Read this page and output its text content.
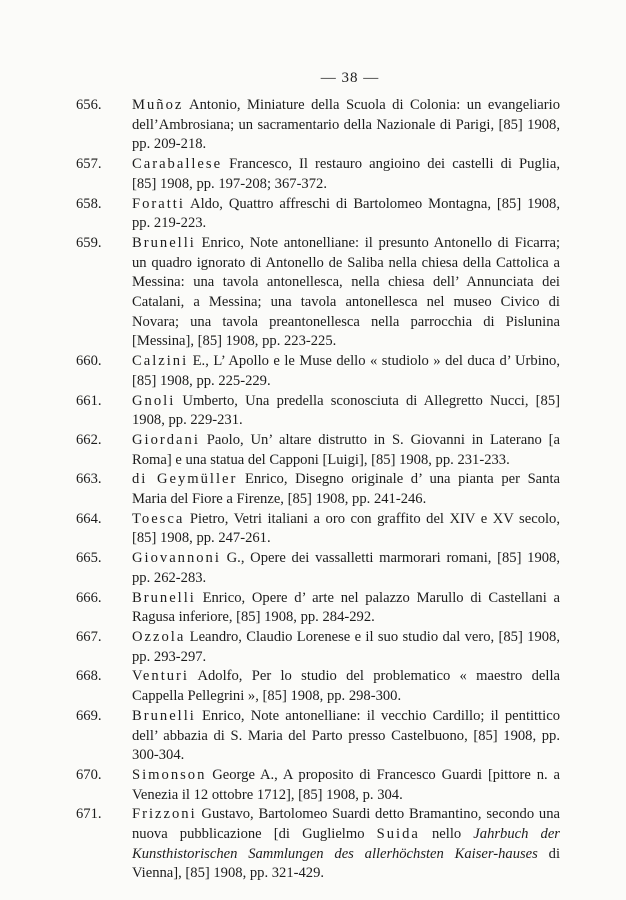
— 38 —
656. Muñoz Antonio, Miniature della Scuola di Colonia: un evangeliario dell’Ambrosiana; un sacramentario della Nazionale di Parigi, [85] 1908, pp. 209-218.
657. Caraballese Francesco, Il restauro angioino dei castelli di Puglia, [85] 1908, pp. 197-208; 367-372.
658. Foratti Aldo, Quattro affreschi di Bartolomeo Montagna, [85] 1908, pp. 219-223.
659. Brunelli Enrico, Note antonelliane: il presunto Antonello di Ficarra; un quadro ignorato di Antonello de Saliba nella chiesa della Cattolica a Messina: una tavola antonellesca, nella chiesa dell’ Annunciata dei Catalani, a Messina; una tavola antonellesca nel museo Civico di Novara; una tavola preantonellesca nella parrocchia di Pislunina [Messina], [85] 1908, pp. 223-225.
660. Calzini E., L’ Apollo e le Muse dello « studiolo » del duca d’ Urbino, [85] 1908, pp. 225-229.
661. Gnoli Umberto, Una predella sconosciuta di Allegretto Nucci, [85] 1908, pp. 229-231.
662. Giordani Paolo, Un’ altare distrutto in S. Giovanni in Laterano [a Roma] e una statua del Capponi [Luigi], [85] 1908, pp. 231-233.
663. di Geymüller Enrico, Disegno originale d’ una pianta per Santa Maria del Fiore a Firenze, [85] 1908, pp. 241-246.
664. Toesca Pietro, Vetri italiani a oro con graffito del XIV e XV secolo, [85] 1908, pp. 247-261.
665. Giovannoni G., Opere dei vassalletti marmorari romani, [85] 1908, pp. 262-283.
666. Brunelli Enrico, Opere d’ arte nel palazzo Marullo di Castellani a Ragusa inferiore, [85] 1908, pp. 284-292.
667. Ozzola Leandro, Claudio Lorenese e il suo studio dal vero, [85] 1908, pp. 293-297.
668. Venturi Adolfo, Per lo studio del problematico « maestro della Cappella Pellegrini », [85] 1908, pp. 298-300.
669. Brunelli Enrico, Note antonelliane: il vecchio Cardillo; il pentittico dell’ abbazia di S. Maria del Parto presso Castelbuono, [85] 1908, pp. 300-304.
670. Simonson George A., A proposito di Francesco Guardi [pittore n. a Venezia il 12 ottobre 1712], [85] 1908, p. 304.
671. Frizzoni Gustavo, Bartolomeo Suardi detto Bramantino, secondo una nuova pubblicazione [di Guglielmo Suida nello Jahrbuch der Kunsthistorischen Sammlungen des allerhöchsten Kaiser-hauses di Vienna], [85] 1908, pp. 321-429.
